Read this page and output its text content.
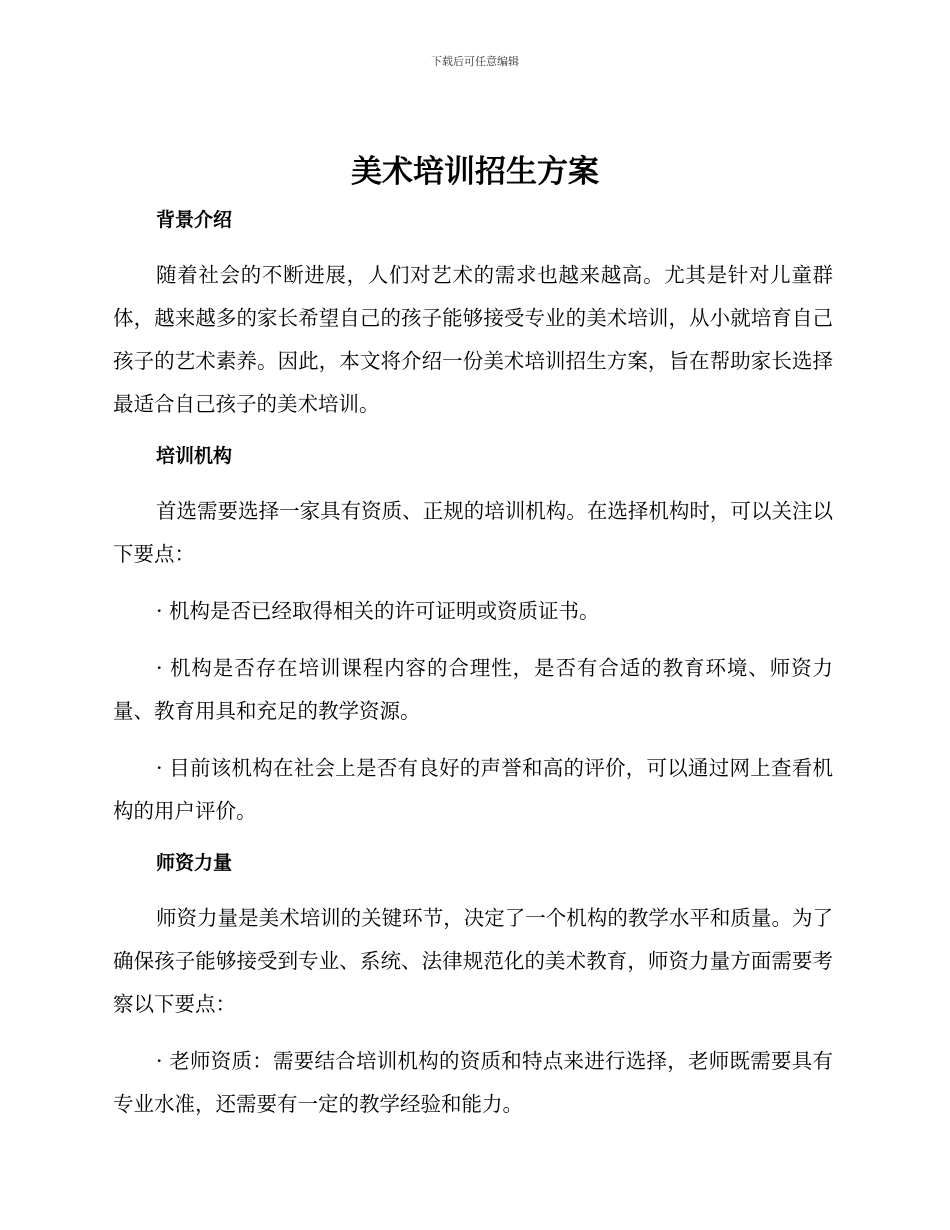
下载后可任意编辑
美术培训招生方案
背景介绍

随着社会的不断进展，人们对艺术的需求也越来越高。尤其是针对儿童群体，越来越多的家长希望自己的孩子能够接受专业的美术培训，从小就培育自己孩子的艺术素养。因此，本文将介绍一份美术培训招生方案，旨在帮助家长选择最适合自己孩子的美术培训。

培训机构

首选需要选择一家具有资质、正规的培训机构。在选择机构时，可以关注以下要点：

· 机构是否已经取得相关的许可证明或资质证书。

· 机构是否存在培训课程内容的合理性，是否有合适的教育环境、师资力量、教育用具和充足的教学资源。

· 目前该机构在社会上是否有良好的声誉和高的评价，可以通过网上查看机构的用户评价。

师资力量

师资力量是美术培训的关键环节，决定了一个机构的教学水平和质量。为了确保孩子能够接受到专业、系统、法律规范化的美术教育，师资力量方面需要考察以下要点：

· 老师资质：需要结合培训机构的资质和特点来进行选择，老师既需要具有专业水准，还需要有一定的教学经验和能力。
